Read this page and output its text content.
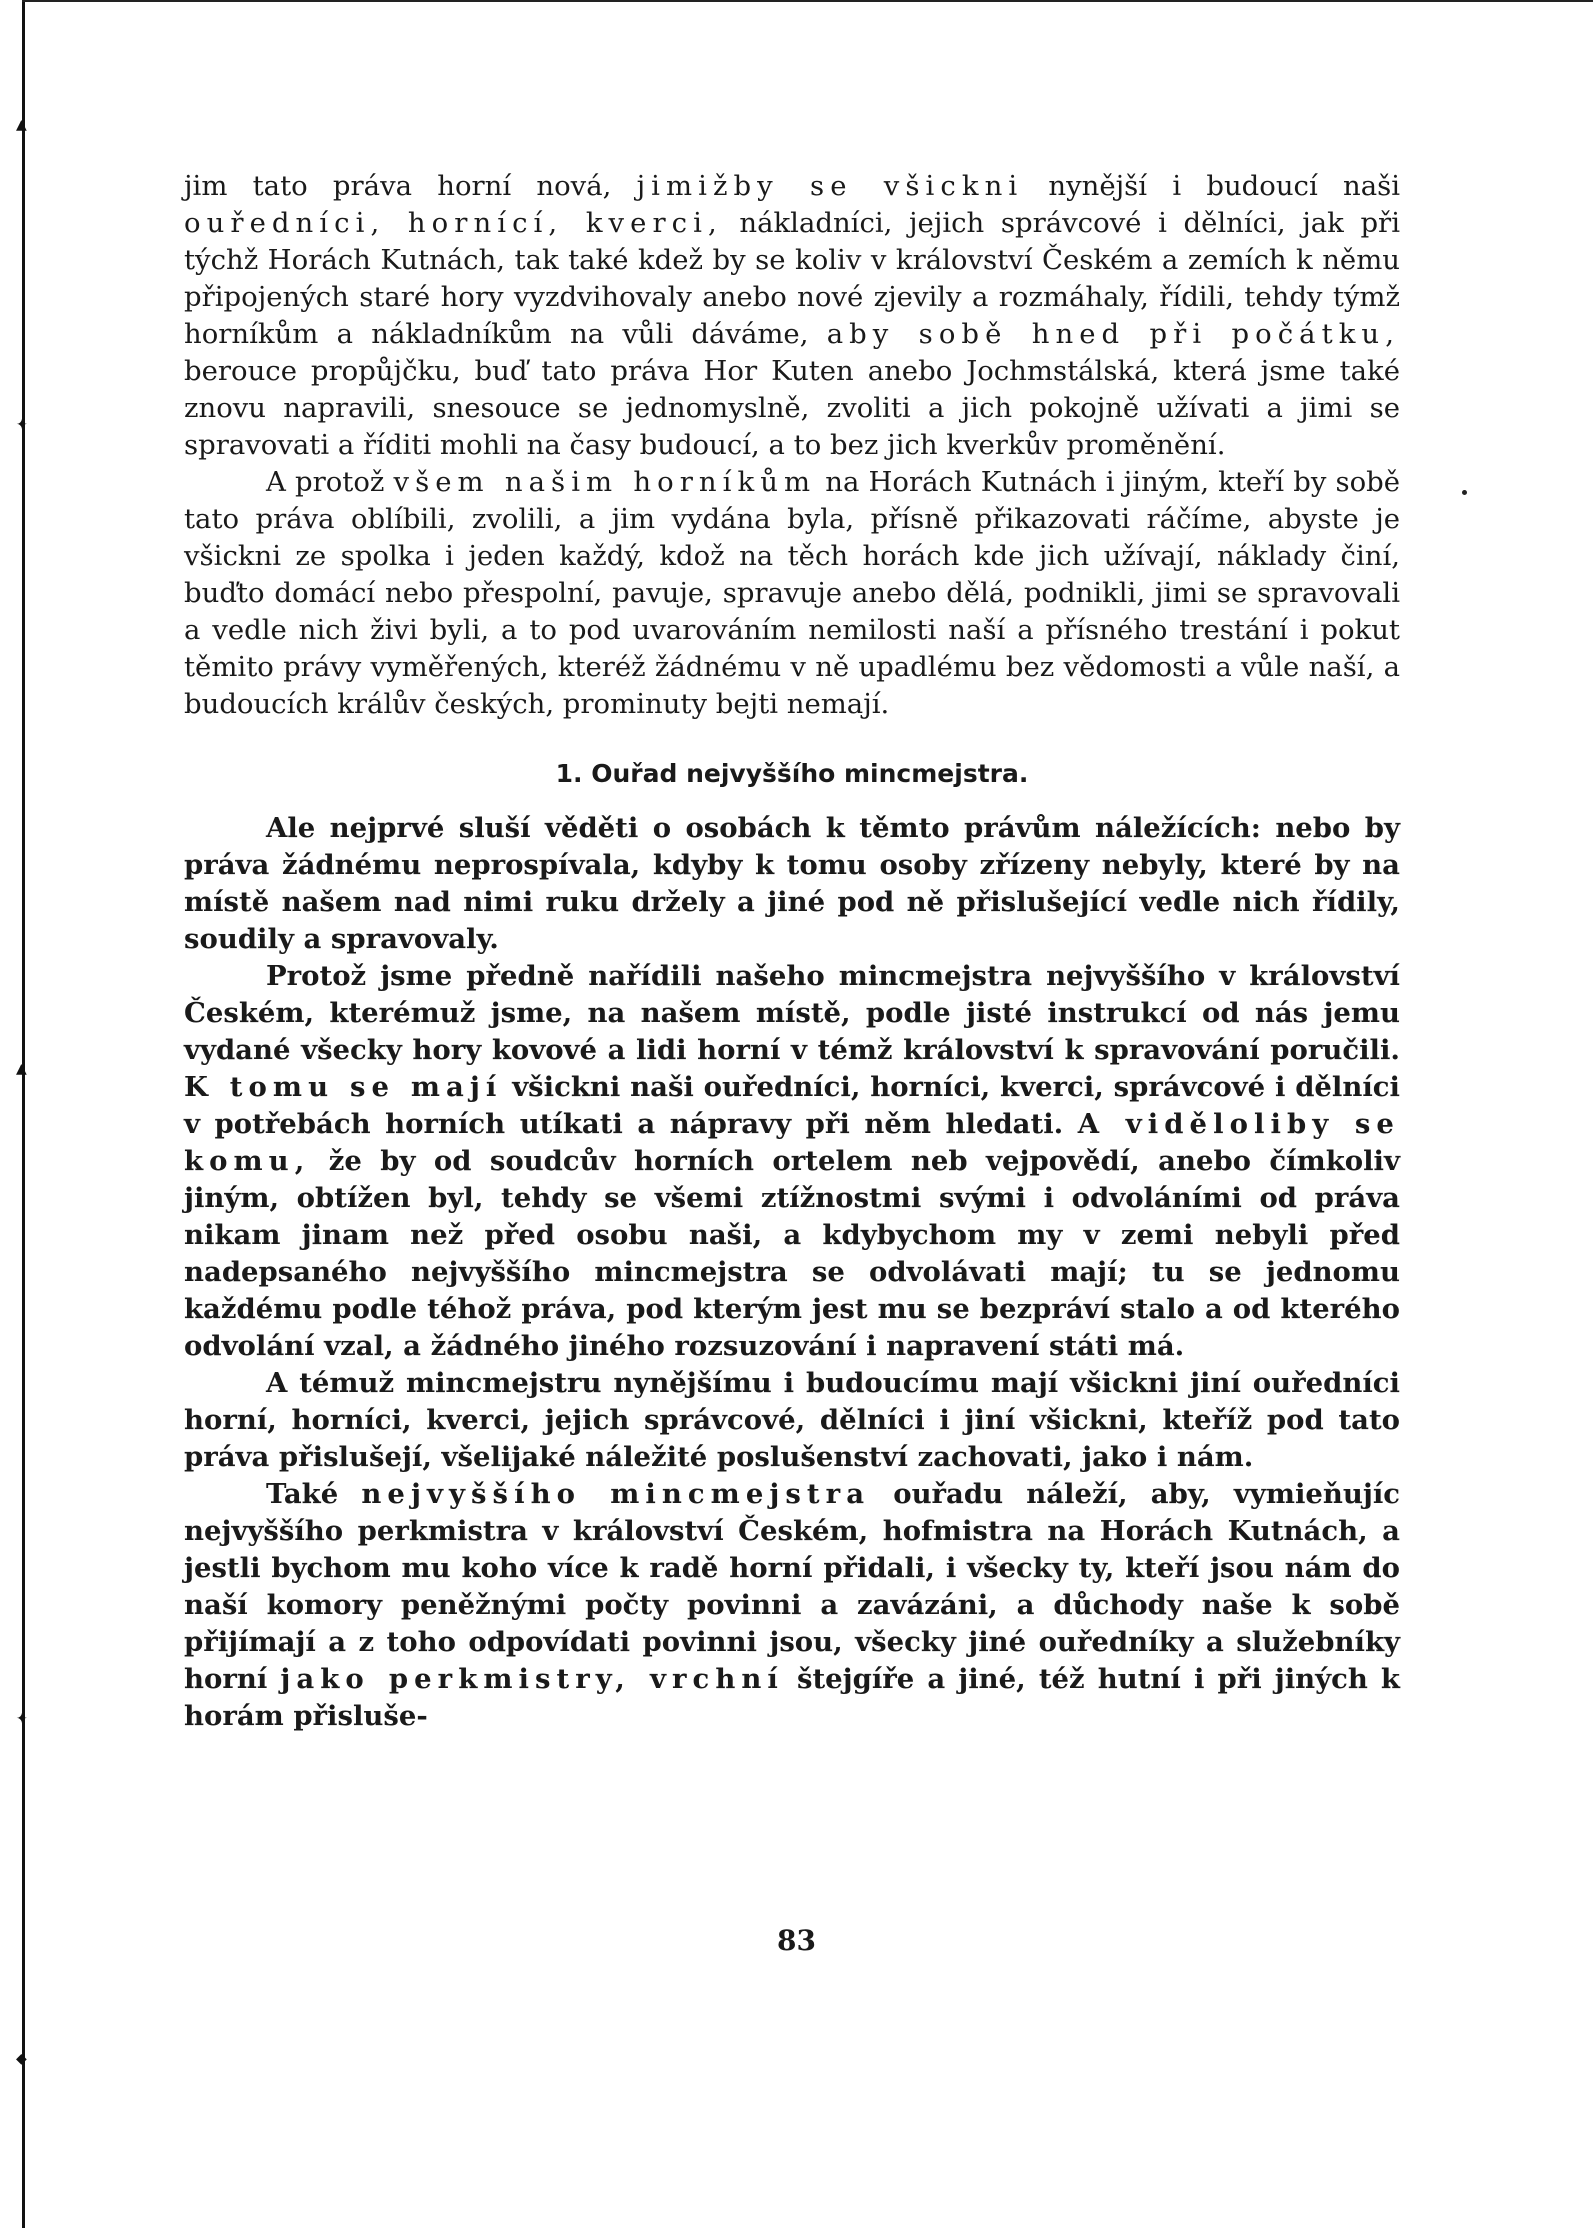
▲
✦
▲
✦
◆

jim tato práva horní nová, jimižby se všickni nynější i budoucí naši ouředníci, hornící, kverci, nákladníci, jejich správcové i dělníci, jak při týchž Horách Kutnách, tak také kdež by se koliv v království Českém a zemích k němu připojených staré hory vyzdvihovaly anebo nové zjevily a rozmáhaly, řídili, tehdy týmž horníkům a nákladníkům na vůli dáváme, aby sobě hned při počátku, berouce propůjčku, buď tato práva Hor Kuten anebo Jochmstálská, která jsme také znovu napravili, snesouce se jednomyslně, zvoliti a jich pokojně užívati a jimi se spravovati a říditi mohli na časy budoucí, a to bez jich kverkův proměnění.

A protož všem našim horníkům na Horách Kutnách i jiným, kteří by sobě tato práva oblíbili, zvolili, a jim vydána byla, přísně přikazovati ráčíme, abyste je všickni ze spolka i jeden každý, kdož na těch horách kde jich užívají, náklady činí, buďto domácí nebo přespolní, pavuje, spravuje anebo dělá, podnikli, jimi se spravovali a vedle nich živi byli, a to pod uvarováním nemilosti naší a přísného trestání i pokut těmito právy vyměřených, kteréž žádnému v ně upadlému bez vědomosti a vůle naší, a budoucích králův českých, prominuty bejti nemají.

1. Ouřad nejvyššího mincmejstra.

Ale nejprvé sluší věděti o osobách k těmto právům náležících: nebo by práva žádnému neprospívala, kdyby k tomu osoby zřízeny nebyly, které by na místě našem nad nimi ruku držely a jiné pod ně přislušející vedle nich řídily, soudily a spravovaly.

Protož jsme předně nařídili našeho mincmejstra nejvyššího v království Českém, kterémuž jsme, na našem místě, podle jisté instrukcí od nás jemu vydané všecky hory kovové a lidi horní v témž království k spravování poručili. K tomu se mají všickni naši ouředníci, horníci, kverci, správcové i dělníci v potřebách horních utíkati a nápravy při něm hledati. A viděloliby se komu, že by od soudcův horních ortelem neb vejpovědí, anebo čímkoliv jiným, obtížen byl, tehdy se všemi ztížnostmi svými i odvoláními od práva nikam jinam než před osobu naši, a kdybychom my v zemi nebyli před nadepsaného nejvyššího mincmejstra se odvolávati mají; tu se jednomu každému podle téhož práva, pod kterým jest mu se bezpráví stalo a od kterého odvolání vzal, a žádného jiného rozsuzování i napravení státi má.

A témuž mincmejstru nynějšímu i budoucímu mají všickni jiní ouředníci horní, horníci, kverci, jejich správcové, dělníci i jiní všickni, kteříž pod tato práva přislušejí, všelijaké náležité poslušenství zachovati, jako i nám.

Také nejvyššího mincmejstra ouřadu náleží, aby, vymieňujíc nejvyššího perkmistra v království Českém, hofmistra na Horách Kutnách, a jestli bychom mu koho více k radě horní přidali, i všecky ty, kteří jsou nám do naší komory peněžnými počty povinni a zavázáni, a důchody naše k sobě přijímají a z toho odpovídati povinni jsou, všecky jiné ouředníky a služebníky horní jako perkmistry, vrchní štejgíře a jiné, též hutní i při jiných k horám přisluše-

83
